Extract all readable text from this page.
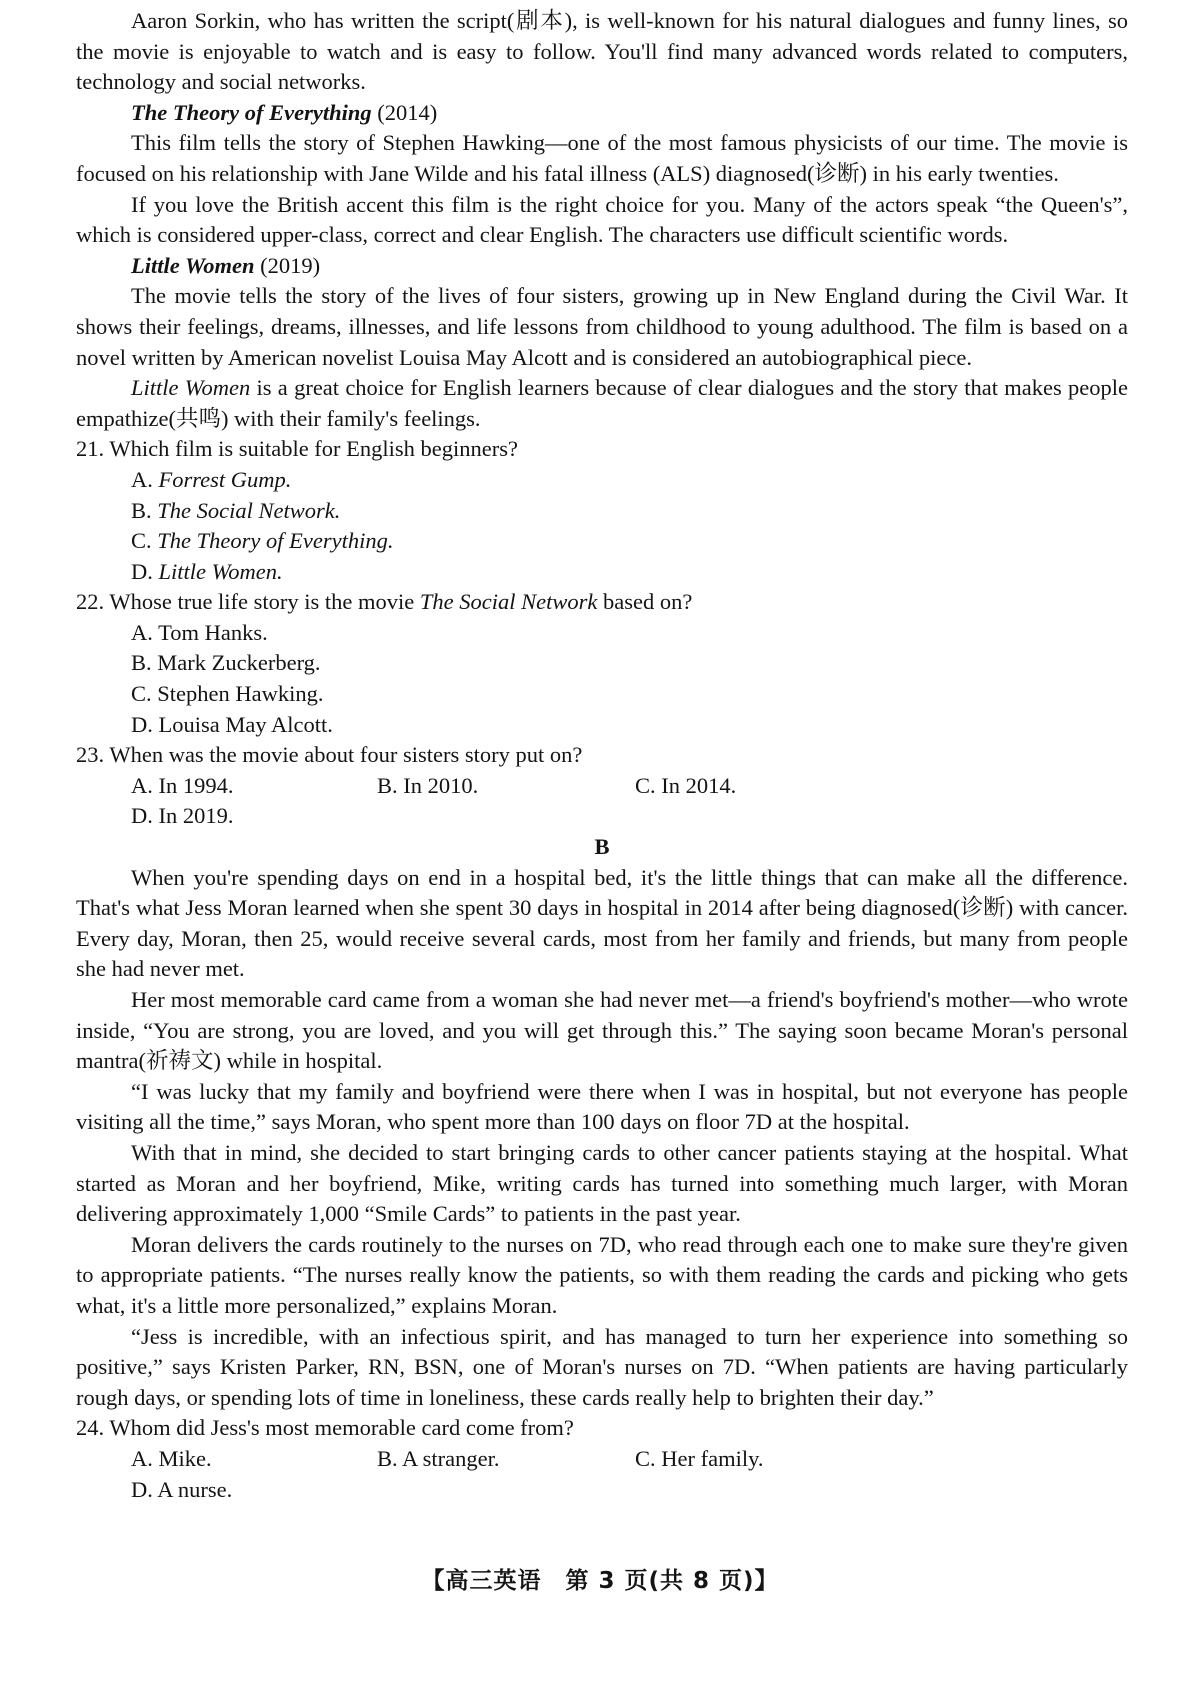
Aaron Sorkin, who has written the script(剧本), is well-known for his natural dialogues and funny lines, so the movie is enjoyable to watch and is easy to follow. You'll find many advanced words related to computers, technology and social networks.

The Theory of Everything (2014)

This film tells the story of Stephen Hawking—one of the most famous physicists of our time. The movie is focused on his relationship with Jane Wilde and his fatal illness (ALS) diagnosed(诊断) in his early twenties.

If you love the British accent this film is the right choice for you. Many of the actors speak “the Queen's”, which is considered upper-class, correct and clear English. The characters use difficult scientific words.

Little Women (2019)

The movie tells the story of the lives of four sisters, growing up in New England during the Civil War. It shows their feelings, dreams, illnesses, and life lessons from childhood to young adulthood. The film is based on a novel written by American novelist Louisa May Alcott and is considered an autobiographical piece.

Little Women is a great choice for English learners because of clear dialogues and the story that makes people empathize(共鸣) with their family's feelings.

21. Which film is suitable for English beginners?

A. Forrest Gump.
B. The Social Network.
C. The Theory of Everything.
D. Little Women.

22. Whose true life story is the movie The Social Network based on?

A. Tom Hanks.
B. Mark Zuckerberg.
C. Stephen Hawking.
D. Louisa May Alcott.

23. When was the movie about four sisters story put on?

A. In 1994.	B. In 2010.	C. In 2014.
D. In 2019.

B

When you're spending days on end in a hospital bed, it's the little things that can make all the difference. That's what Jess Moran learned when she spent 30 days in hospital in 2014 after being diagnosed(诊断) with cancer. Every day, Moran, then 25, would receive several cards, most from her family and friends, but many from people she had never met.

Her most memorable card came from a woman she had never met—a friend's boyfriend's mother—who wrote inside, “You are strong, you are loved, and you will get through this.” The saying soon became Moran's personal mantra(祈祷文) while in hospital.

“I was lucky that my family and boyfriend were there when I was in hospital, but not everyone has people visiting all the time,” says Moran, who spent more than 100 days on floor 7D at the hospital.

With that in mind, she decided to start bringing cards to other cancer patients staying at the hospital. What started as Moran and her boyfriend, Mike, writing cards has turned into something much larger, with Moran delivering approximately 1,000 “Smile Cards” to patients in the past year.

Moran delivers the cards routinely to the nurses on 7D, who read through each one to make sure they're given to appropriate patients. “The nurses really know the patients, so with them reading the cards and picking who gets what, it's a little more personalized,” explains Moran.

“Jess is incredible, with an infectious spirit, and has managed to turn her experience into something so positive,” says Kristen Parker, RN, BSN, one of Moran's nurses on 7D. “When patients are having particularly rough days, or spending lots of time in loneliness, these cards really help to brighten their day.”

24. Whom did Jess's most memorable card come from?

A. Mike.	B. A stranger.	C. Her family.
D. A nurse.
【高三英语　第 3 页(共 8 页)】
